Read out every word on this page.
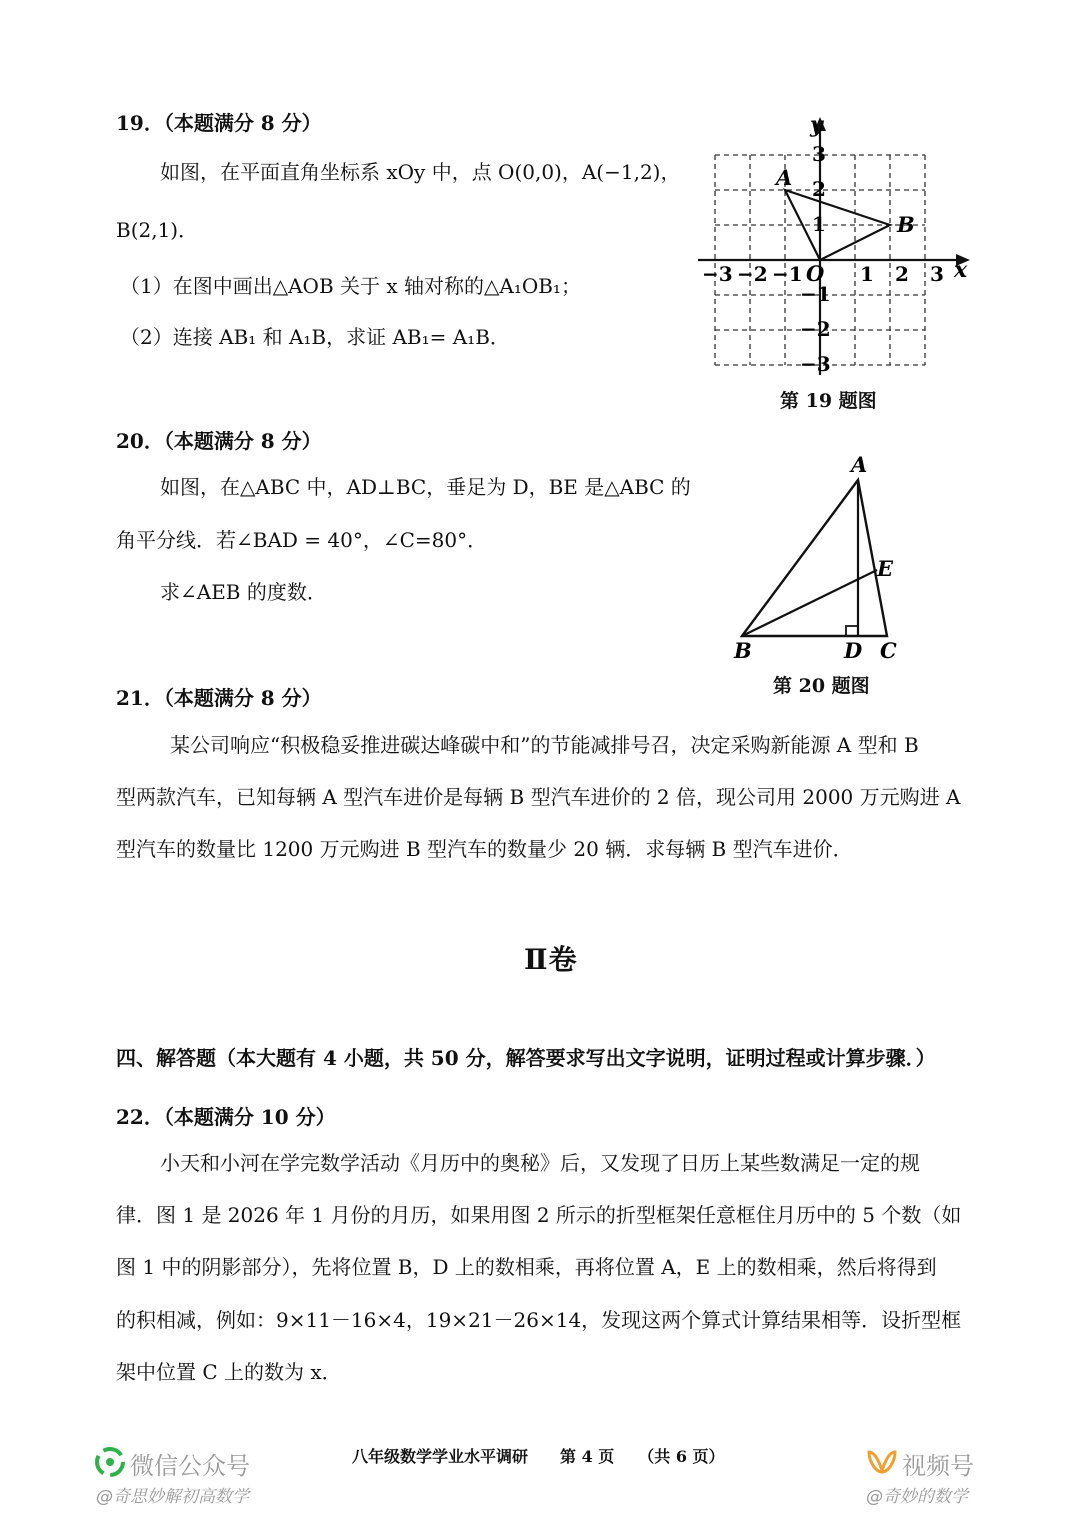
19．（本题满分 8 分）
如图，在平面直角坐标系 xOy 中，点 O(0,0)，A(−1,2)，
B(2,1)．
（1）在图中画出△AOB 关于 x 轴对称的△A₁OB₁；
（2）连接 AB₁ 和 A₁B，求证 AB₁= A₁B．
y
x
O
A
B
−3 −2 −1	1 2 3
3
2
1
−1
−2
−3
第 19 题图
20．（本题满分 8 分）
如图，在△ABC 中，AD⊥BC，垂足为 D，BE 是△ABC 的
角平分线．若∠BAD = 40°，∠C=80°．
求∠AEB 的度数．
A
B	C
D
E
第 20 题图
21．（本题满分 8 分）
某公司响应“积极稳妥推进碳达峰碳中和”的节能减排号召，决定采购新能源 A 型和 B
型两款汽车，已知每辆 A 型汽车进价是每辆 B 型汽车进价的 2 倍，现公司用 2000 万元购进 A
型汽车的数量比 1200 万元购进 B 型汽车的数量少 20 辆．求每辆 B 型汽车进价．
Ⅱ卷
四、解答题（本大题有 4 小题，共 50 分，解答要求写出文字说明，证明过程或计算步骤．）
22．（本题满分 10 分）
小天和小河在学完数学活动《月历中的奥秘》后，又发现了日历上某些数满足一定的规
律．图 1 是 2026 年 1 月份的月历，如果用图 2 所示的折型框架任意框住月历中的 5 个数（如
图 1 中的阴影部分），先将位置 B，D 上的数相乘，再将位置 A，E 上的数相乘，然后将得到
的积相减，例如：9×11－16×4，19×21－26×14，发现这两个算式计算结果相等．设折型框
架中位置 C 上的数为 x．
八年级数学学业水平调研　　第 4 页　　（共 6 页）
微信公众号
@奇思妙解初高数学
视频号
@奇妙的数学
